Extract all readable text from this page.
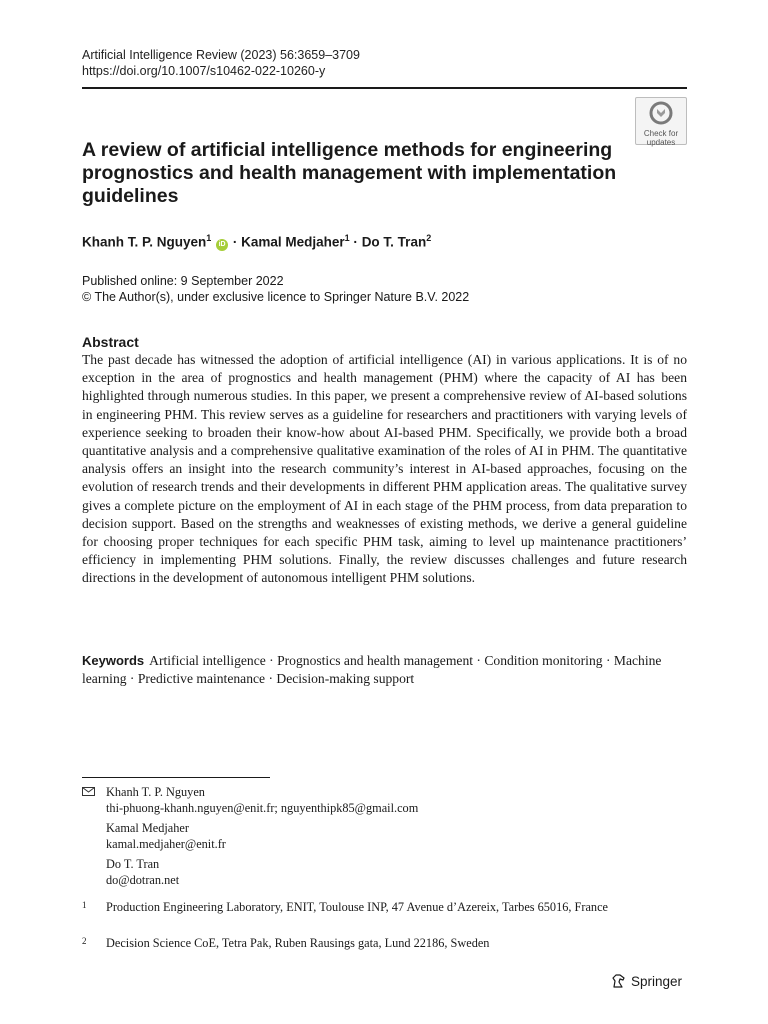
Artificial Intelligence Review (2023) 56:3659–3709
https://doi.org/10.1007/s10462-022-10260-y
Check for
updates
A review of artificial intelligence methods for engineering prognostics and health management with implementation guidelines
Khanh T. P. Nguyen$^1$ iD · Kamal Medjaher$^1$ · Do T. Tran$^2$
Published online: 9 September 2022
© The Author(s), under exclusive licence to Springer Nature B.V. 2022
Abstract

The past decade has witnessed the adoption of artificial intelligence (AI) in various applications. It is of no exception in the area of prognostics and health management (PHM) where the capacity of AI has been highlighted through numerous studies. In this paper, we present a comprehensive review of AI-based solutions in engineering PHM. This review serves as a guideline for researchers and practitioners with varying levels of experience seeking to broaden their know-how about AI-based PHM. Specifically, we provide both a broad quantitative analysis and a comprehensive qualitative examination of the roles of AI in PHM. The quantitative analysis offers an insight into the research community’s interest in AI-based approaches, focusing on the evolution of research trends and their developments in different PHM application areas. The qualitative survey gives a complete picture on the employment of AI in each stage of the PHM process, from data preparation to decision support. Based on the strengths and weaknesses of existing methods, we derive a general guideline for choosing proper techniques for each specific PHM task, aiming to level up maintenance practitioners’ efficiency in implementing PHM solutions. Finally, the review discusses challenges and future research directions in the development of autonomous intelligent PHM solutions.

Keywords Artificial intelligence · Prognostics and health management · Condition monitoring · Machine learning · Predictive maintenance · Decision-making support

Khanh T. P. Nguyen
thi-phuong-khanh.nguyen@enit.fr; nguyenthipk85@gmail.com
Kamal Medjaher
kamal.medjaher@enit.fr
Do T. Tran
do@dotran.net
1 Production Engineering Laboratory, ENIT, Toulouse INP, 47 Avenue d’Azereix, Tarbes 65016, France
2 Decision Science CoE, Tetra Pak, Ruben Rausings gata, Lund 22186, Sweden
Springer
